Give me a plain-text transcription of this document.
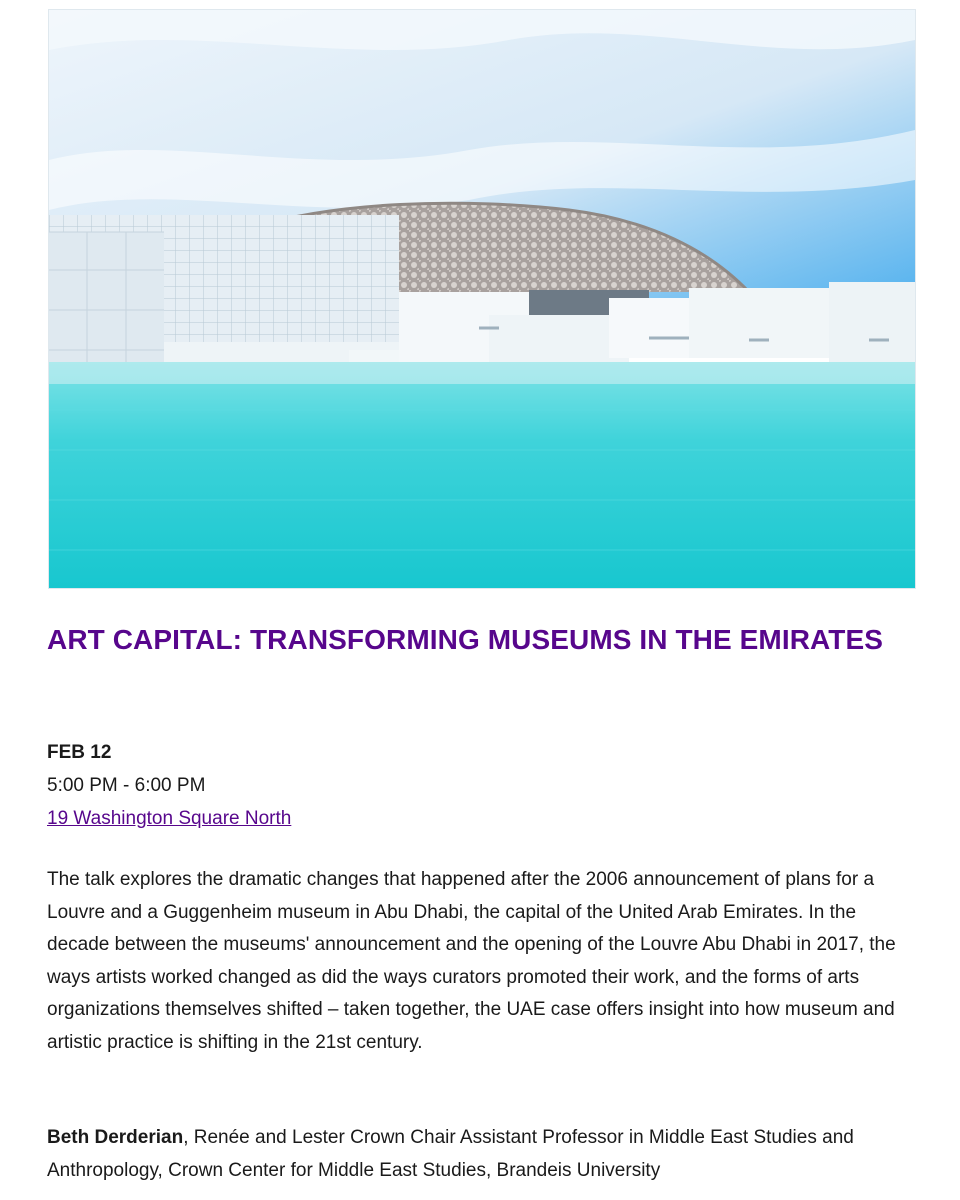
ART CAPITAL: TRANSFORMING MUSEUMS IN THE EMIRATES
FEB 12
5:00 PM - 6:00 PM
19 Washington Square North

The talk explores the dramatic changes that happened after the 2006 announcement of plans for a Louvre and a Guggenheim museum in Abu Dhabi, the capital of the United Arab Emirates. In the decade between the museums' announcement and the opening of the Louvre Abu Dhabi in 2017, the ways artists worked changed as did the ways curators promoted their work, and the forms of arts organizations themselves shifted – taken together, the UAE case offers insight into how museum and artistic practice is shifting in the 21st century.

Beth Derderian, Renée and Lester Crown Chair Assistant Professor in Middle East Studies and Anthropology, Crown Center for Middle East Studies, Brandeis University
